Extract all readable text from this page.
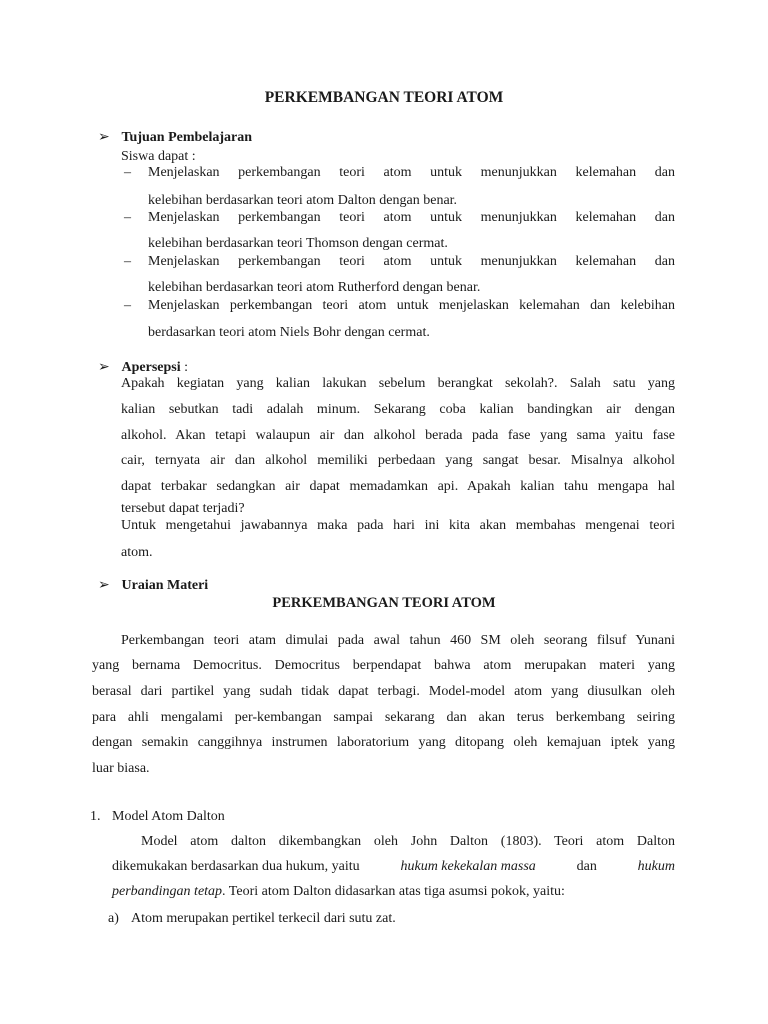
PERKEMBANGAN TEORI ATOM
➢ Tujuan Pembelajaran
Siswa dapat :
– Menjelaskan perkembangan teori atom untuk menunjukkan kelemahan dan
kelebihan berdasarkan teori atom Dalton dengan benar.
– Menjelaskan perkembangan teori atom untuk menunjukkan kelemahan dan
kelebihan berdasarkan teori Thomson dengan cermat.
– Menjelaskan perkembangan teori atom untuk menunjukkan kelemahan dan
kelebihan berdasarkan teori atom Rutherford dengan benar.
– Menjelaskan perkembangan teori atom untuk menjelaskan kelemahan dan kelebihan
berdasarkan teori atom Niels Bohr dengan cermat.
➢ Apersepsi :
Apakah kegiatan yang kalian lakukan sebelum berangkat sekolah?. Salah satu yang
kalian sebutkan tadi adalah minum. Sekarang coba kalian bandingkan air dengan
alkohol. Akan tetapi walaupun air dan alkohol berada pada fase yang sama yaitu fase
cair, ternyata air dan alkohol memiliki perbedaan yang sangat besar. Misalnya alkohol
dapat terbakar sedangkan air dapat memadamkan api. Apakah kalian tahu mengapa hal
tersebut dapat terjadi?
Untuk mengetahui jawabannya maka pada hari ini kita akan membahas mengenai teori
atom.
➢ Uraian Materi
PERKEMBANGAN TEORI ATOM
Perkembangan teori atam dimulai pada awal tahun 460 SM oleh seorang filsuf Yunani
yang bernama Democritus. Democritus berpendapat bahwa atom merupakan materi yang
berasal dari partikel yang sudah tidak dapat terbagi. Model-model atom yang diusulkan oleh
para ahli mengalami per-kembangan sampai sekarang dan akan terus berkembang seiring
dengan semakin canggihnya instrumen laboratorium yang ditopang oleh kemajuan iptek yang
luar biasa.
1. Model Atom Dalton
Model atom dalton dikembangkan oleh John Dalton (1803). Teori atom Dalton
dikemukakan berdasarkan dua hukum, yaitu	hukum kekekalan massa	dan	hukum
perbandingan tetap. Teori atom Dalton didasarkan atas tiga asumsi pokok, yaitu:
a) Atom merupakan pertikel terkecil dari sutu zat.
